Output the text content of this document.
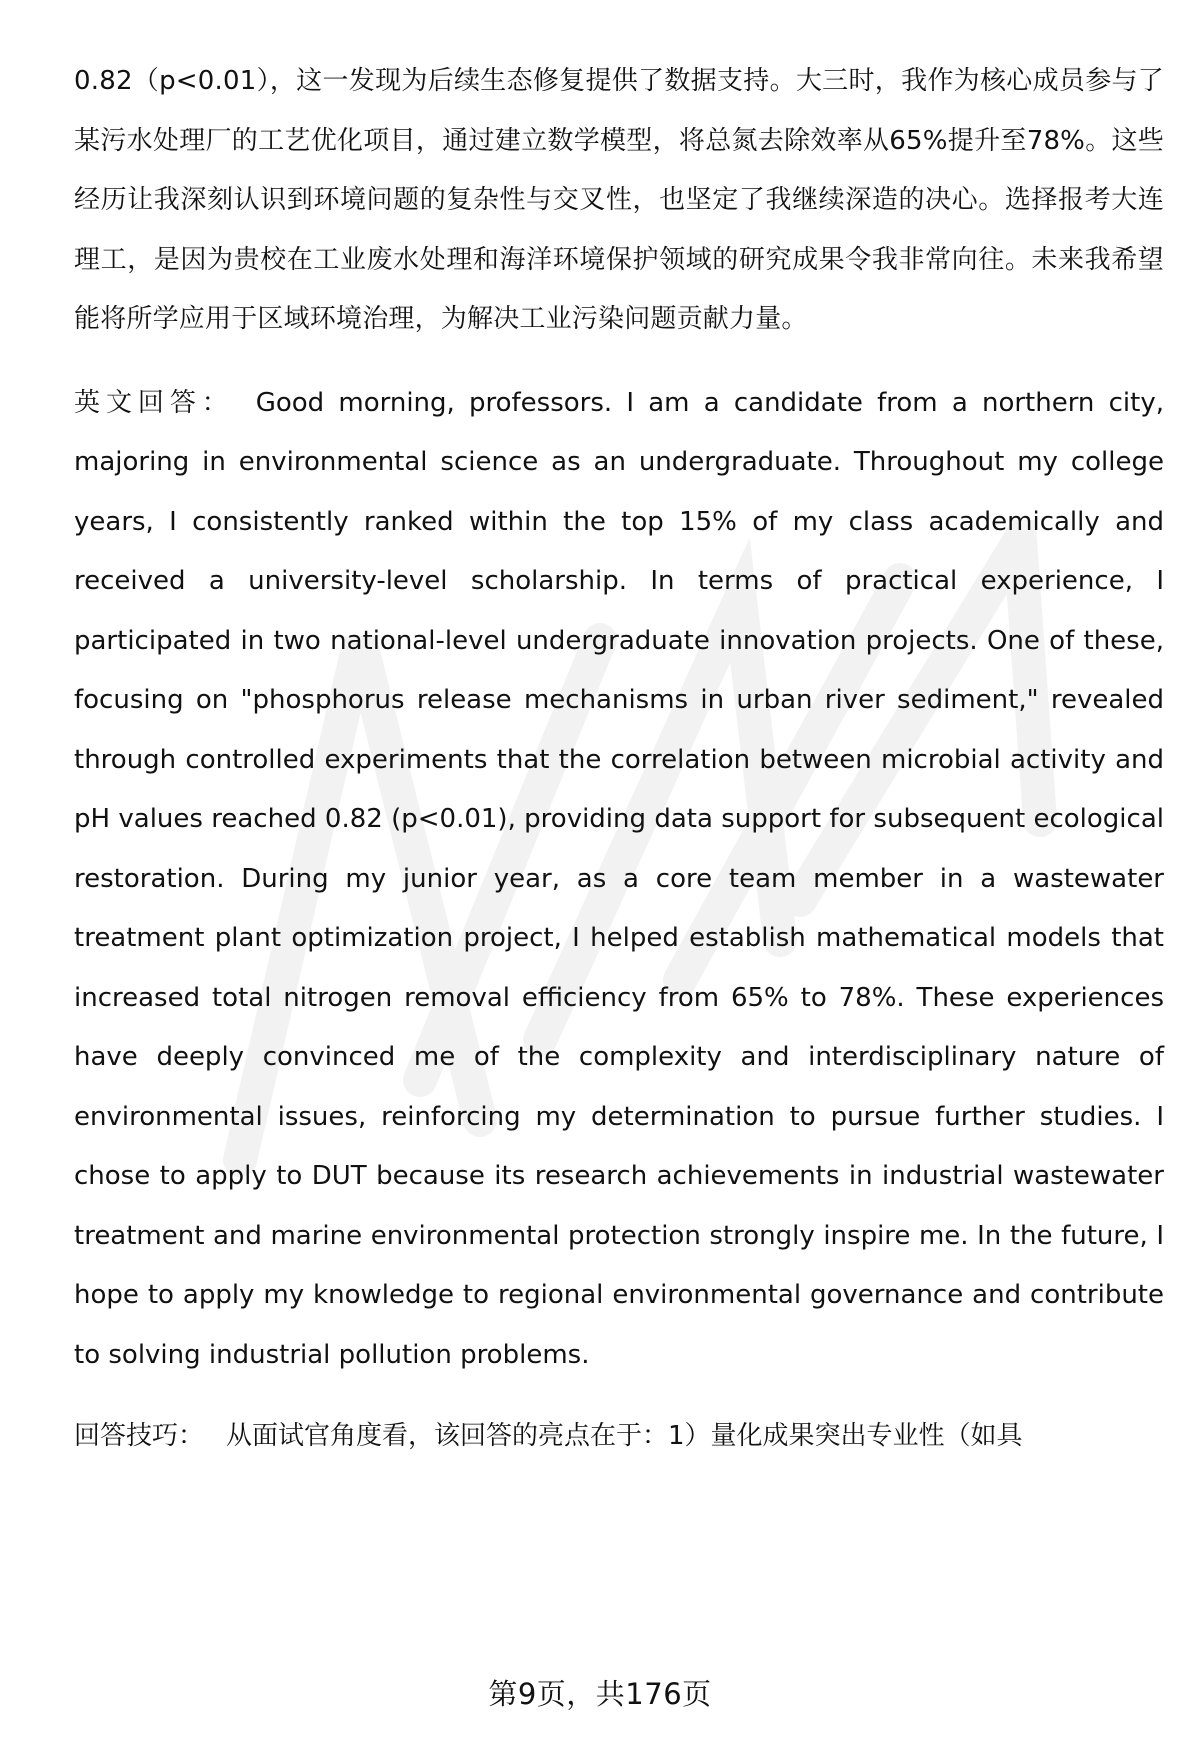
0.82（p<0.01），这一发现为后续生态修复提供了数据支持。大三时，我作为核心成员参与了某污水处理厂的工艺优化项目，通过建立数学模型，将总氮去除效率从65%提升至78%。这些经历让我深刻认识到环境问题的复杂性与交叉性，也坚定了我继续深造的决心。选择报考大连理工，是因为贵校在工业废水处理和海洋环境保护领域的研究成果令我非常向往。未来我希望能将所学应用于区域环境治理，为解决工业污染问题贡献力量。

英文回答： Good morning, professors. I am a candidate from a northern city, majoring in environmental science as an undergraduate. Throughout my college years, I consistently ranked within the top 15% of my class academically and received a university-level scholarship. In terms of practical experience, I participated in two national-level undergraduate innovation projects. One of these, focusing on "phosphorus release mechanisms in urban river sediment," revealed through controlled experiments that the correlation between microbial activity and pH values reached 0.82 (p<0.01), providing data support for subsequent ecological restoration. During my junior year, as a core team member in a wastewater treatment plant optimization project, I helped establish mathematical models that increased total nitrogen removal efficiency from 65% to 78%. These experiences have deeply convinced me of the complexity and interdisciplinary nature of environmental issues, reinforcing my determination to pursue further studies. I chose to apply to DUT because its research achievements in industrial wastewater treatment and marine environmental protection strongly inspire me. In the future, I hope to apply my knowledge to regional environmental governance and contribute to solving industrial pollution problems.

回答技巧： 从面试官角度看，该回答的亮点在于：1）量化成果突出专业性（如具

第9页，共176页
